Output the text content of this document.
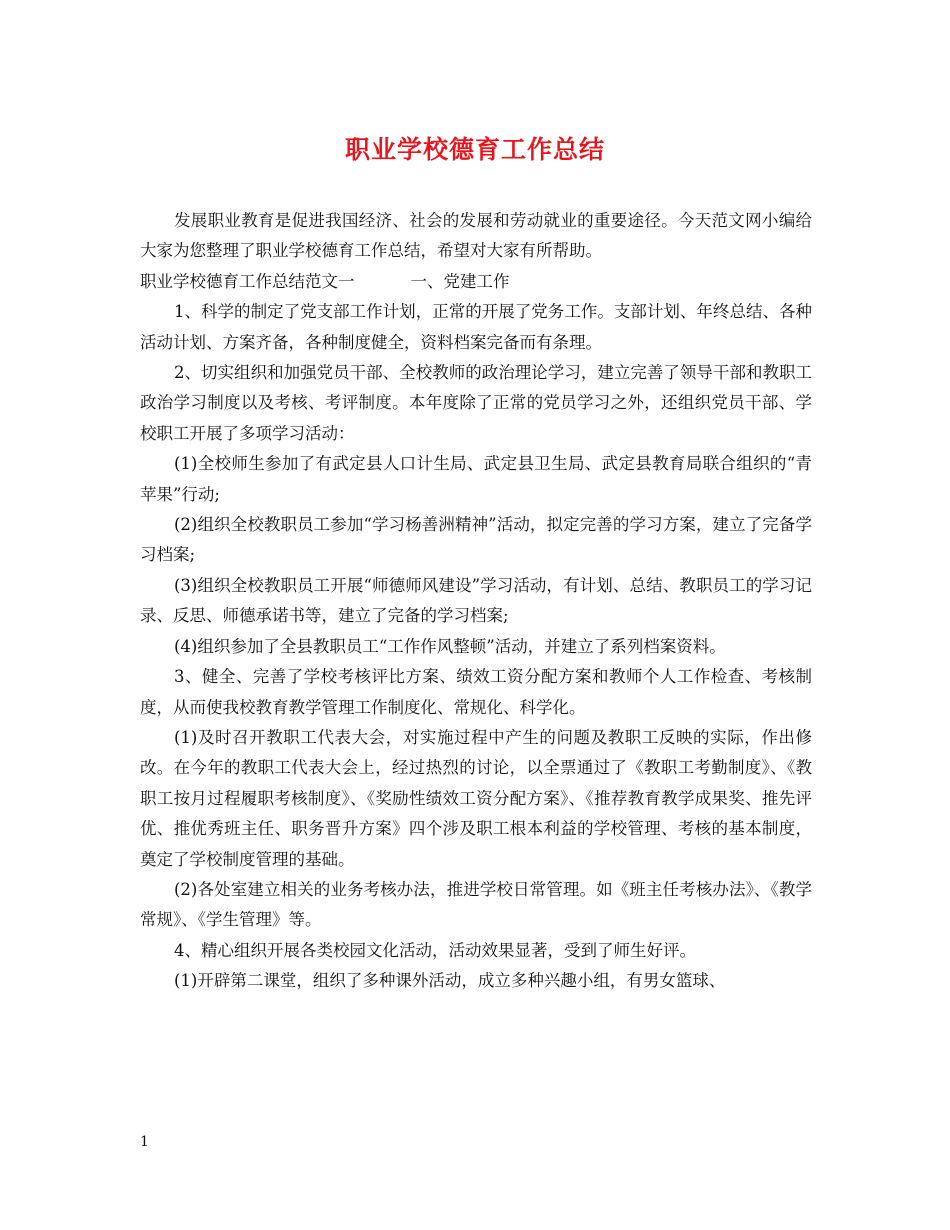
职业学校德育工作总结

发展职业教育是促进我国经济、社会的发展和劳动就业的重要途径。今天范文网小编给大家为您整理了职业学校德育工作总结，希望对大家有所帮助。

职业学校德育工作总结范文一	一、党建工作

1、科学的制定了党支部工作计划，正常的开展了党务工作。支部计划、年终总结、各种活动计划、方案齐备，各种制度健全，资料档案完备而有条理。

2、切实组织和加强党员干部、全校教师的政治理论学习，建立完善了领导干部和教职工政治学习制度以及考核、考评制度。本年度除了正常的党员学习之外，还组织党员干部、学校职工开展了多项学习活动：

(1)全校师生参加了有武定县人口计生局、武定县卫生局、武定县教育局联合组织的“青苹果”行动;

(2)组织全校教职员工参加“学习杨善洲精神”活动，拟定完善的学习方案，建立了完备学习档案;

(3)组织全校教职员工开展“师德师风建设”学习活动，有计划、总结、教职员工的学习记录、反思、师德承诺书等，建立了完备的学习档案;

(4)组织参加了全县教职员工“工作作风整顿”活动，并建立了系列档案资料。

3、健全、完善了学校考核评比方案、绩效工资分配方案和教师个人工作检查、考核制度，从而使我校教育教学管理工作制度化、常规化、科学化。

(1)及时召开教职工代表大会，对实施过程中产生的问题及教职工反映的实际，作出修改。在今年的教职工代表大会上，经过热烈的讨论，以全票通过了《教职工考勤制度》、《教职工按月过程履职考核制度》、《奖励性绩效工资分配方案》、《推荐教育教学成果奖、推先评优、推优秀班主任、职务晋升方案》四个涉及职工根本利益的学校管理、考核的基本制度，奠定了学校制度管理的基础。

(2)各处室建立相关的业务考核办法，推进学校日常管理。如《班主任考核办法》、《教学常规》、《学生管理》等。

4、精心组织开展各类校园文化活动，活动效果显著，受到了师生好评。

(1)开辟第二课堂，组织了多种课外活动，成立多种兴趣小组，有男女篮球、

1
